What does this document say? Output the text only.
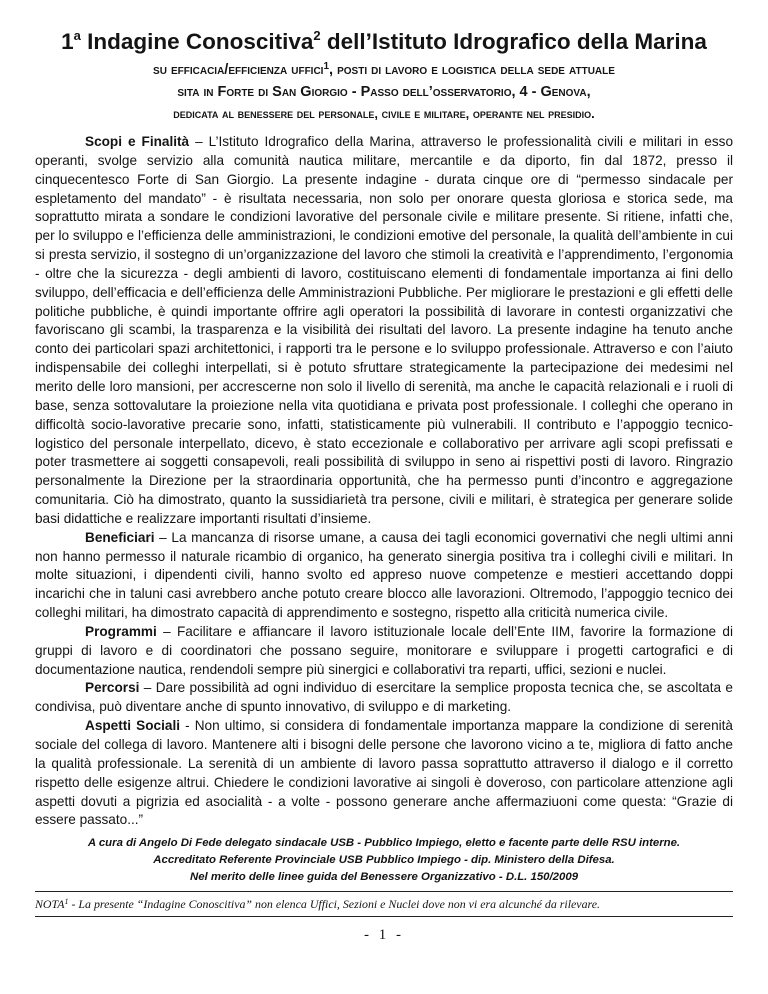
1$^a$ Indagine Conoscitiva$^2$ dell’Istituto Idrografico della Marina

su efficacia/efficienza uffici$^1$, posti di lavoro e logistica della sede attuale

sita in Forte di San Giorgio - Passo dell’osservatorio, 4 - Genova,

dedicata al benessere del personale, civile e militare, operante nel presidio.

Scopi e Finalità – L’Istituto Idrografico della Marina, attraverso le professionalità civili e militari in esso operanti, svolge servizio alla comunità nautica militare, mercantile e da diporto, fin dal 1872, presso il cinquecentesco Forte di San Giorgio. La presente indagine - durata cinque ore di “permesso sindacale per espletamento del mandato” - è risultata necessaria, non solo per onorare questa gloriosa e storica sede, ma soprattutto mirata a sondare le condizioni lavorative del personale civile e militare presente. Si ritiene, infatti che, per lo sviluppo e l’efficienza delle amministrazioni, le condizioni emotive del personale, la qualità dell’ambiente in cui si presta servizio, il sostegno di un’organizzazione del lavoro che stimoli la creatività e l’apprendimento, l’ergonomia - oltre che la sicurezza - degli ambienti di lavoro, costituiscano elementi di fondamentale importanza ai fini dello sviluppo, dell’efficacia e dell’efficienza delle Amministrazioni Pubbliche. Per migliorare le prestazioni e gli effetti delle politiche pubbliche, è quindi importante offrire agli operatori la possibilità di lavorare in contesti organizzativi che favoriscano gli scambi, la trasparenza e la visibilità dei risultati del lavoro. La presente indagine ha tenuto anche conto dei particolari spazi architettonici, i rapporti tra le persone e lo sviluppo professionale. Attraverso e con l’aiuto indispensabile dei colleghi interpellati, si è potuto sfruttare strategicamente la partecipazione dei medesimi nel merito delle loro mansioni, per accrescerne non solo il livello di serenità, ma anche le capacità relazionali e i ruoli di base, senza sottovalutare la proiezione nella vita quotidiana e privata post professionale. I colleghi che operano in difficoltà socio-lavorative precarie sono, infatti, statisticamente più vulnerabili. Il contributo e l’appoggio tecnico-logistico del personale interpellato, dicevo, è stato eccezionale e collaborativo per arrivare agli scopi prefissati e poter trasmettere ai soggetti consapevoli, reali possibilità di sviluppo in seno ai rispettivi posti di lavoro. Ringrazio personalmente la Direzione per la straordinaria opportunità, che ha permesso punti d’incontro e aggregazione comunitaria. Ciò ha dimostrato, quanto la sussidiarietà tra persone, civili e militari, è strategica per generare solide basi didattiche e realizzare importanti risultati d’insieme.

Beneficiari – La mancanza di risorse umane, a causa dei tagli economici governativi che negli ultimi anni non hanno permesso il naturale ricambio di organico, ha generato sinergia positiva tra i colleghi civili e militari. In molte situazioni, i dipendenti civili, hanno svolto ed appreso nuove competenze e mestieri accettando doppi incarichi che in taluni casi avrebbero anche potuto creare blocco alle lavorazioni. Oltremodo, l’appoggio tecnico dei colleghi militari, ha dimostrato capacità di apprendimento e sostegno, rispetto alla criticità numerica civile.

Programmi – Facilitare e affiancare il lavoro istituzionale locale dell’Ente IIM, favorire la formazione di gruppi di lavoro e di coordinatori che possano seguire, monitorare e sviluppare i progetti cartografici e di documentazione nautica, rendendoli sempre più sinergici e collaborativi tra reparti, uffici, sezioni e nuclei.

Percorsi – Dare possibilità ad ogni individuo di esercitare la semplice proposta tecnica che, se ascoltata e condivisa, può diventare anche di spunto innovativo, di sviluppo e di marketing.

Aspetti Sociali - Non ultimo, si considera di fondamentale importanza mappare la condizione di serenità sociale del collega di lavoro. Mantenere alti i bisogni delle persone che lavorono vicino a te, migliora di fatto anche la qualità professionale. La serenità di un ambiente di lavoro passa soprattutto attraverso il dialogo e il corretto rispetto delle esigenze altrui. Chiedere le condizioni lavorative ai singoli è doveroso, con particolare attenzione agli aspetti dovuti a pigrizia ed asocialità - a volte - possono generare anche affermaziuoni come questa: “Grazie di essere passato...”

A cura di Angelo Di Fede delegato sindacale USB - Pubblico Impiego, eletto e facente parte delle RSU interne.
Accreditato Referente Provinciale USB Pubblico Impiego - dip. Ministero della Difesa.
Nel merito delle linee guida del Benessere Organizzativo - D.L. 150/2009
NOTA$^1$ - La presente “Indagine Conoscitiva” non elenca Uffici, Sezioni e Nuclei dove non vi era alcunché da rilevare.
- 1 -
